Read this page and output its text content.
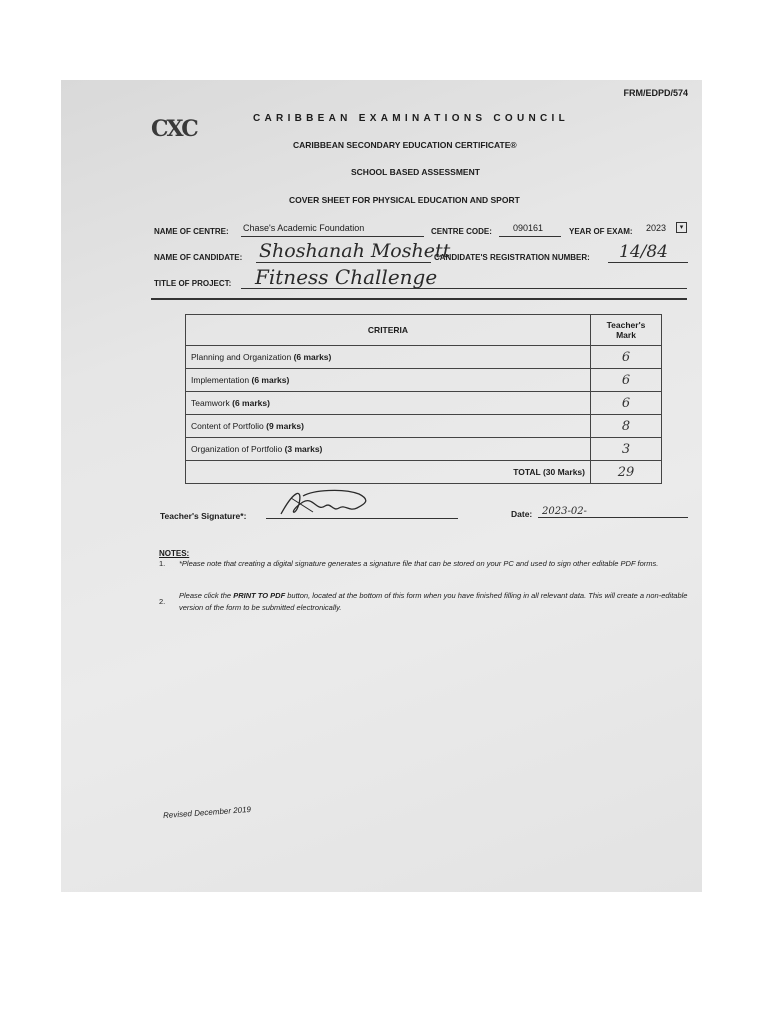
FRM/EDPD/574
CXC	CARIBBEAN EXAMINATIONS COUNCIL
CARIBBEAN SECONDARY EDUCATION CERTIFICATE®
SCHOOL BASED ASSESSMENT
COVER SHEET FOR PHYSICAL EDUCATION AND SPORT
NAME OF CENTRE: Chase's Academic Foundation	CENTRE CODE: 090161	YEAR OF EXAM: 2023	▾
NAME OF CANDIDATE: Shoshanah Moshett
CANDIDATE'S REGISTRATION NUMBER: 14/84
TITLE OF PROJECT: Fitness Challenge
CRITERIA	Teacher's Mark
Planning and Organization (6 marks)	6
Implementation (6 marks)	6
Teamwork (6 marks)	6
Content of Portfolio (9 marks)	8
Organization of Portfolio (3 marks)	3
TOTAL (30 Marks)	29
Teacher's Signature*:	Date: 2023-02-
NOTES:
1. *Please note that creating a digital signature generates a signature file that can be stored on your PC and used to sign other editable PDF forms.
2.
Please click the PRINT TO PDF button, located at the bottom of this form when you have finished filling in all relevant data. This will create a non-editable version of the form to be submitted electronically.
Revised December 2019
